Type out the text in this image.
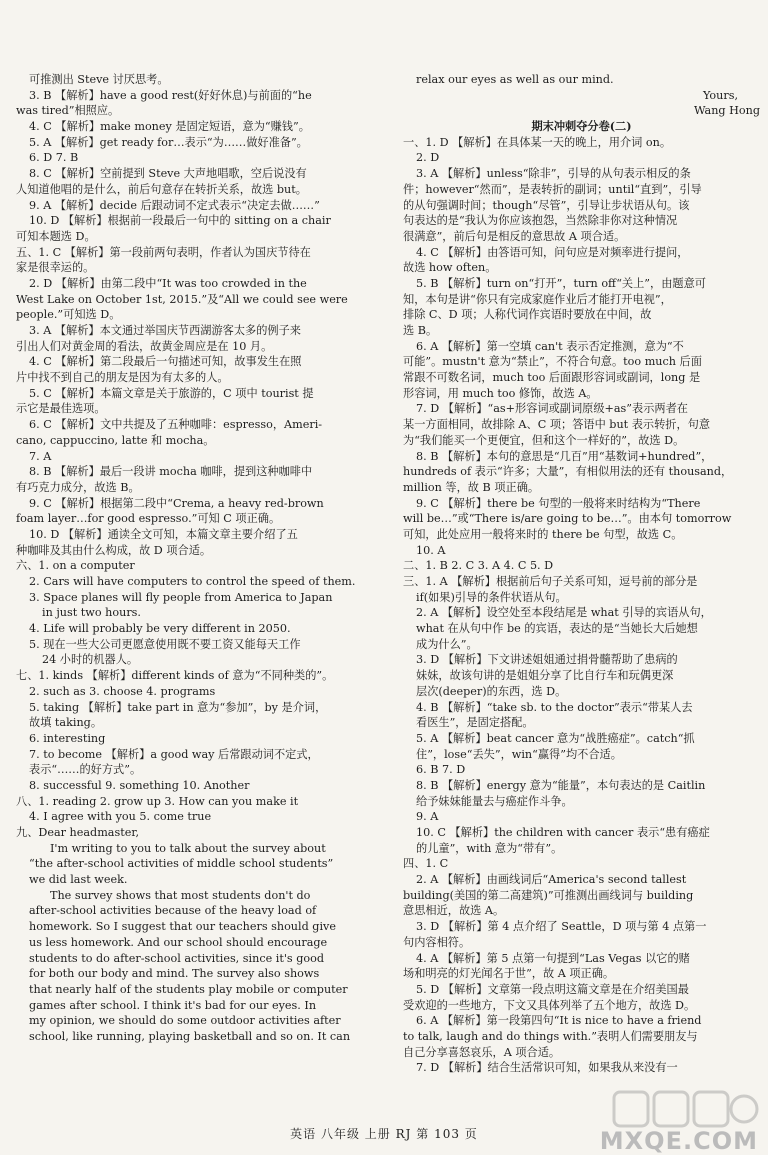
可推测出 Steve 讨厌思考。
3. B 【解析】have a good rest(好好休息)与前面的“he
was tired”相照应。
4. C 【解析】make money 是固定短语，意为“赚钱”。
5. A 【解析】get ready for…表示“为……做好准备”。
6. D 7. B
8. C 【解析】空前提到 Steve 大声地唱歌，空后说没有
人知道他唱的是什么，前后句意存在转折关系，故选 but。
9. A 【解析】decide 后跟动词不定式表示“决定去做……”
10. D 【解析】根据前一段最后一句中的 sitting on a chair
可知本题选 D。
五、1. C 【解析】第一段前两句表明，作者认为国庆节待在
家是很幸运的。
2. D 【解析】由第二段中“It was too crowded in the
West Lake on October 1st, 2015.”及“All we could see were
people.”可知选 D。
3. A 【解析】本文通过举国庆节西湖游客太多的例子来
引出人们对黄金周的看法，故黄金周应是在 10 月。
4. C 【解析】第二段最后一句描述可知，故事发生在照
片中找不到自己的朋友是因为有太多的人。
5. C 【解析】本篇文章是关于旅游的，C 项中 tourist 提
示它是最佳选项。
6. C 【解析】文中共提及了五种咖啡：espresso，Ameri-
cano, cappuccino, latte 和 mocha。
7. A
8. B 【解析】最后一段讲 mocha 咖啡，提到这种咖啡中
有巧克力成分，故选 B。
9. C 【解析】根据第二段中“Crema, a heavy red-brown
foam layer…for good espresso.”可知 C 项正确。
10. D 【解析】通读全文可知，本篇文章主要介绍了五
种咖啡及其由什么构成，故 D 项合适。
六、1. on a computer
2. Cars will have computers to control the speed of them.
3. Space planes will fly people from America to Japan
in just two hours.
4. Life will probably be very different in 2050.
5. 现在一些大公司更愿意使用既不要工资又能每天工作
24 小时的机器人。
七、1. kinds 【解析】different kinds of 意为“不同种类的”。
2. such as 3. choose 4. programs
5. taking 【解析】take part in 意为“参加”，by 是介词，
故填 taking。
6. interesting
7. to become 【解析】a good way 后常跟动词不定式，
表示“……的好方式”。
8. successful 9. something 10. Another
八、1. reading 2. grow up 3. How can you make it
4. I agree with you 5. come true
九、Dear headmaster,
I'm writing to you to talk about the survey about
“the after-school activities of middle school students”
we did last week.
The survey shows that most students don't do
after-school activities because of the heavy load of
homework. So I suggest that our teachers should give
us less homework. And our school should encourage
students to do after-school activities, since it's good
for both our body and mind. The survey also shows
that nearly half of the students play mobile or computer
games after school. I think it's bad for our eyes. In
my opinion, we should do some outdoor activities after
school, like running, playing basketball and so on. It can
relax our eyes as well as our mind.
Yours,
Wang Hong
期末冲刺夺分卷(二)
一、1. D 【解析】在具体某一天的晚上，用介词 on。
2. D
3. A 【解析】unless“除非”，引导的从句表示相反的条
件；however“然而”，是表转折的副词；until“直到”，引导
的从句强调时间；though“尽管”，引导让步状语从句。该
句表达的是“我认为你应该抱怨，当然除非你对这种情况
很满意”，前后句是相反的意思故 A 项合适。
4. C 【解析】由答语可知，问句应是对频率进行提问，
故选 how often。
5. B 【解析】turn on“打开”，turn off“关上”，由题意可
知，本句是讲“你只有完成家庭作业后才能打开电视”，
排除 C、D 项；人称代词作宾语时要放在中间，故
选 B。
6. A 【解析】第一空填 can't 表示否定推测，意为“不
可能”。mustn't 意为“禁止”，不符合句意。too much 后面
常跟不可数名词，much too 后面跟形容词或副词，long 是
形容词，用 much too 修饰，故选 A。
7. D 【解析】“as+形容词或副词原级+as”表示两者在
某一方面相同，故排除 A、C 项；答语中 but 表示转折，句意
为“我们能买一个更便宜，但和这个一样好的”，故选 D。
8. B 【解析】本句的意思是“几百”用“基数词+hundred”，
hundreds of 表示“许多；大量”，有相似用法的还有 thousand，
million 等，故 B 项正确。
9. C 【解析】there be 句型的一般将来时结构为“There
will be…”或“There is/are going to be…”。由本句 tomorrow
可知，此处应用一般将来时的 there be 句型，故选 C。
10. A
二、1. B 2. C 3. A 4. C 5. D
三、1. A 【解析】根据前后句子关系可知，逗号前的部分是
if(如果)引导的条件状语从句。
2. A 【解析】设空处至本段结尾是 what 引导的宾语从句，
what 在从句中作 be 的宾语，表达的是“当她长大后她想
成为什么”。
3. D 【解析】下文讲述姐姐通过捐骨髓帮助了患病的
妹妹，故该句讲的是姐姐分享了比自行车和玩偶更深
层次(deeper)的东西，选 D。
4. B 【解析】“take sb. to the doctor”表示“带某人去
看医生”，是固定搭配。
5. A 【解析】beat cancer 意为“战胜癌症”。catch“抓
住”，lose“丢失”，win“赢得”均不合适。
6. B 7. D
8. B 【解析】energy 意为“能量”，本句表达的是 Caitlin
给予妹妹能量去与癌症作斗争。
9. A
10. C 【解析】the children with cancer 表示“患有癌症
的儿童”，with 意为“带有”。
四、1. C
2. A 【解析】由画线词后“America's second tallest
building(美国的第二高建筑)”可推测出画线词与 building
意思相近，故选 A。
3. D 【解析】第 4 点介绍了 Seattle，D 项与第 4 点第一
句内容相符。
4. A 【解析】第 5 点第一句提到“Las Vegas 以它的赌
场和明亮的灯光闻名于世”，故 A 项正确。
5. D 【解析】文章第一段点明这篇文章是在介绍美国最
受欢迎的一些地方，下文又具体列举了五个地方，故选 D。
6. A 【解析】第一段第四句“It is nice to have a friend
to talk, laugh and do things with.”表明人们需要朋友与
自己分享喜怒哀乐，A 项合适。
7. D 【解析】结合生活常识可知，如果我从来没有一
英语 八年级 上册 RJ 第 103 页	MXQE.COM
